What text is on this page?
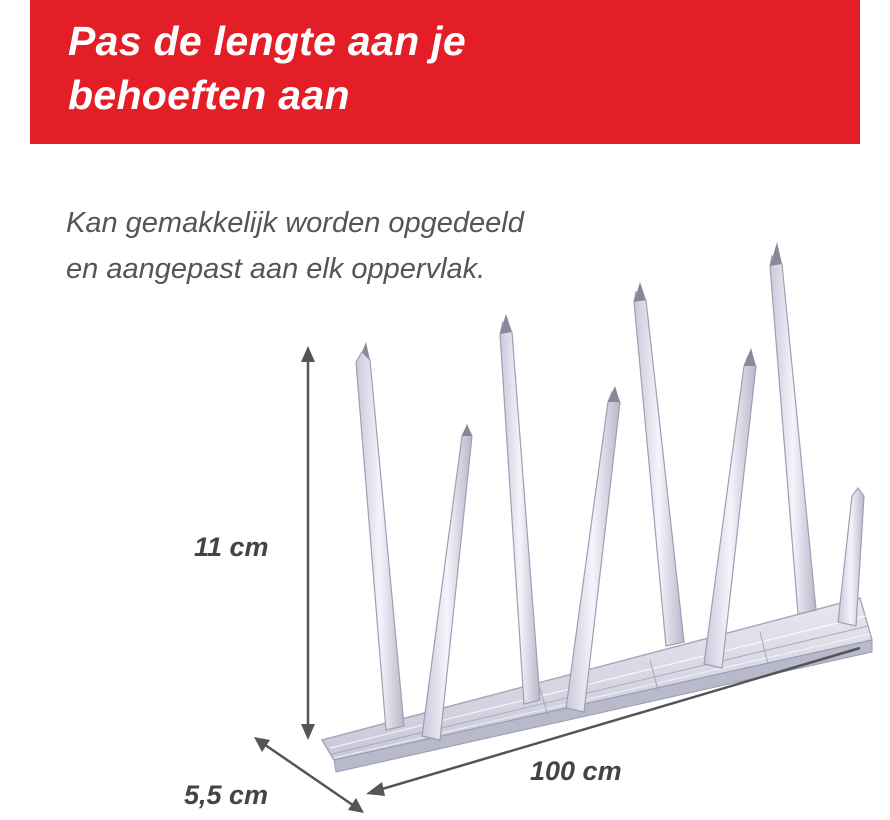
Pas de lengte aan je
behoeften aan
Kan gemakkelijk worden opgedeeld
en aangepast aan elk oppervlak.
11 cm
100 cm
5,5 cm
